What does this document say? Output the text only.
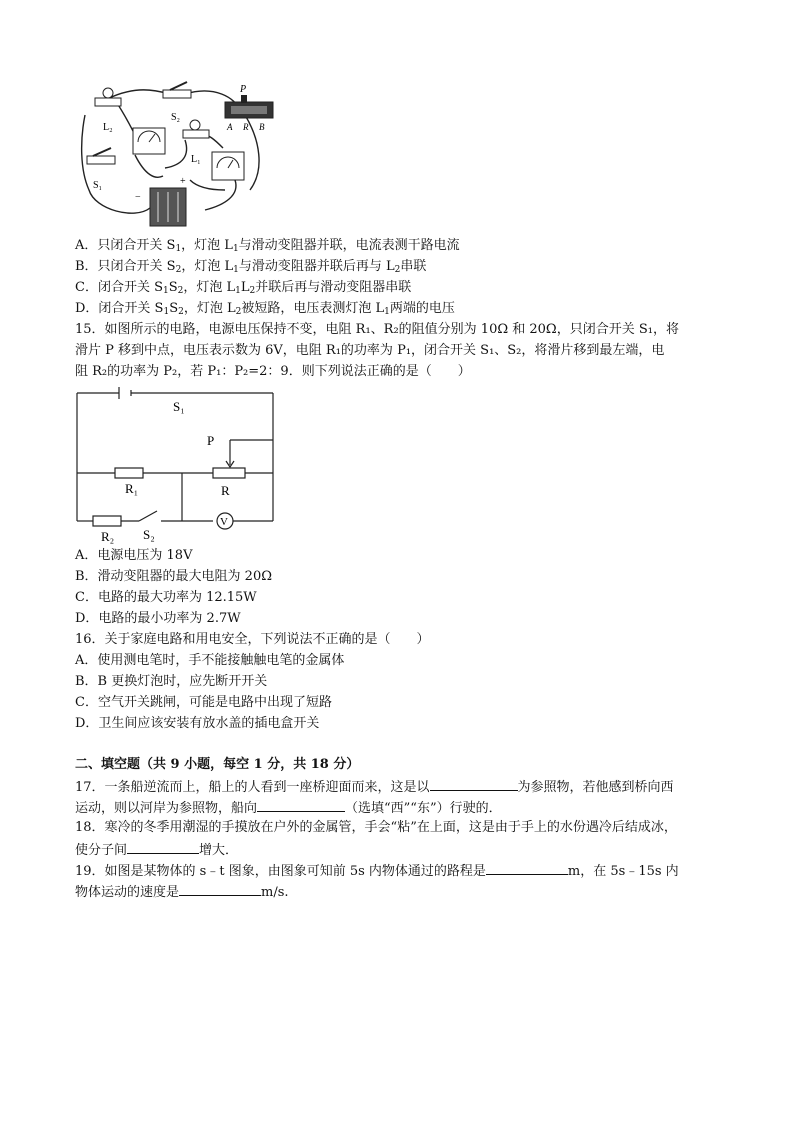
L₂
S₂
L₁
S₁
P
A R B
+
−
A．只闭合开关 $S_1$，灯泡 $L_1$与滑动变阻器并联，电流表测干路电流
B．只闭合开关 $S_2$，灯泡 $L_1$与滑动变阻器并联后再与 $L_2$串联
C．闭合开关 $S_1S_2$，灯泡 $L_1L_2$并联后再与滑动变阻器串联
D．闭合开关 $S_1S_2$，灯泡 $L_2$被短路，电压表测灯泡 $L_1$两端的电压
15．如图所示的电路，电源电压保持不变，电阻 R₁、R₂的阻值分别为 10Ω 和 20Ω，只闭合开关 S₁，将
滑片 P 移到中点，电压表示数为 6V，电阻 R₁的功率为 P₁，闭合开关 S₁、S₂，将滑片移到最左端，电
阻 R₂的功率为 P₂，若 P₁：P₂=2：9．则下列说法正确的是（　　）
S₁
P
R₁	R
R₂ S₂
V
A．电源电压为 18V
B．滑动变阻器的最大电阻为 20Ω
C．电路的最大功率为 12.15W
D．电路的最小功率为 2.7W
16．关于家庭电路和用电安全，下列说法不正确的是（　　）
A．使用测电笔时，手不能接触触电笔的金属体
B．B 更换灯泡时，应先断开开关
C．空气开关跳闸，可能是电路中出现了短路
D．卫生间应该安装有放水盖的插电盒开关
二、填空题（共 9 小题，每空 1 分，共 18 分）
17．一条船逆流而上，船上的人看到一座桥迎面而来，这是以	为参照物，若他感到桥向西
运动，则以河岸为参照物，船向	（选填“西”“东”）行驶的．
18．寒冷的冬季用潮湿的手摸放在户外的金属管，手会“粘”在上面，这是由于手上的水份遇冷后结成冰，
使分子间	增大．
19．如图是某物体的 s﹣t 图象，由图象可知前 5s 内物体通过的路程是	m，在 5s﹣15s 内
物体运动的速度是	m/s.
